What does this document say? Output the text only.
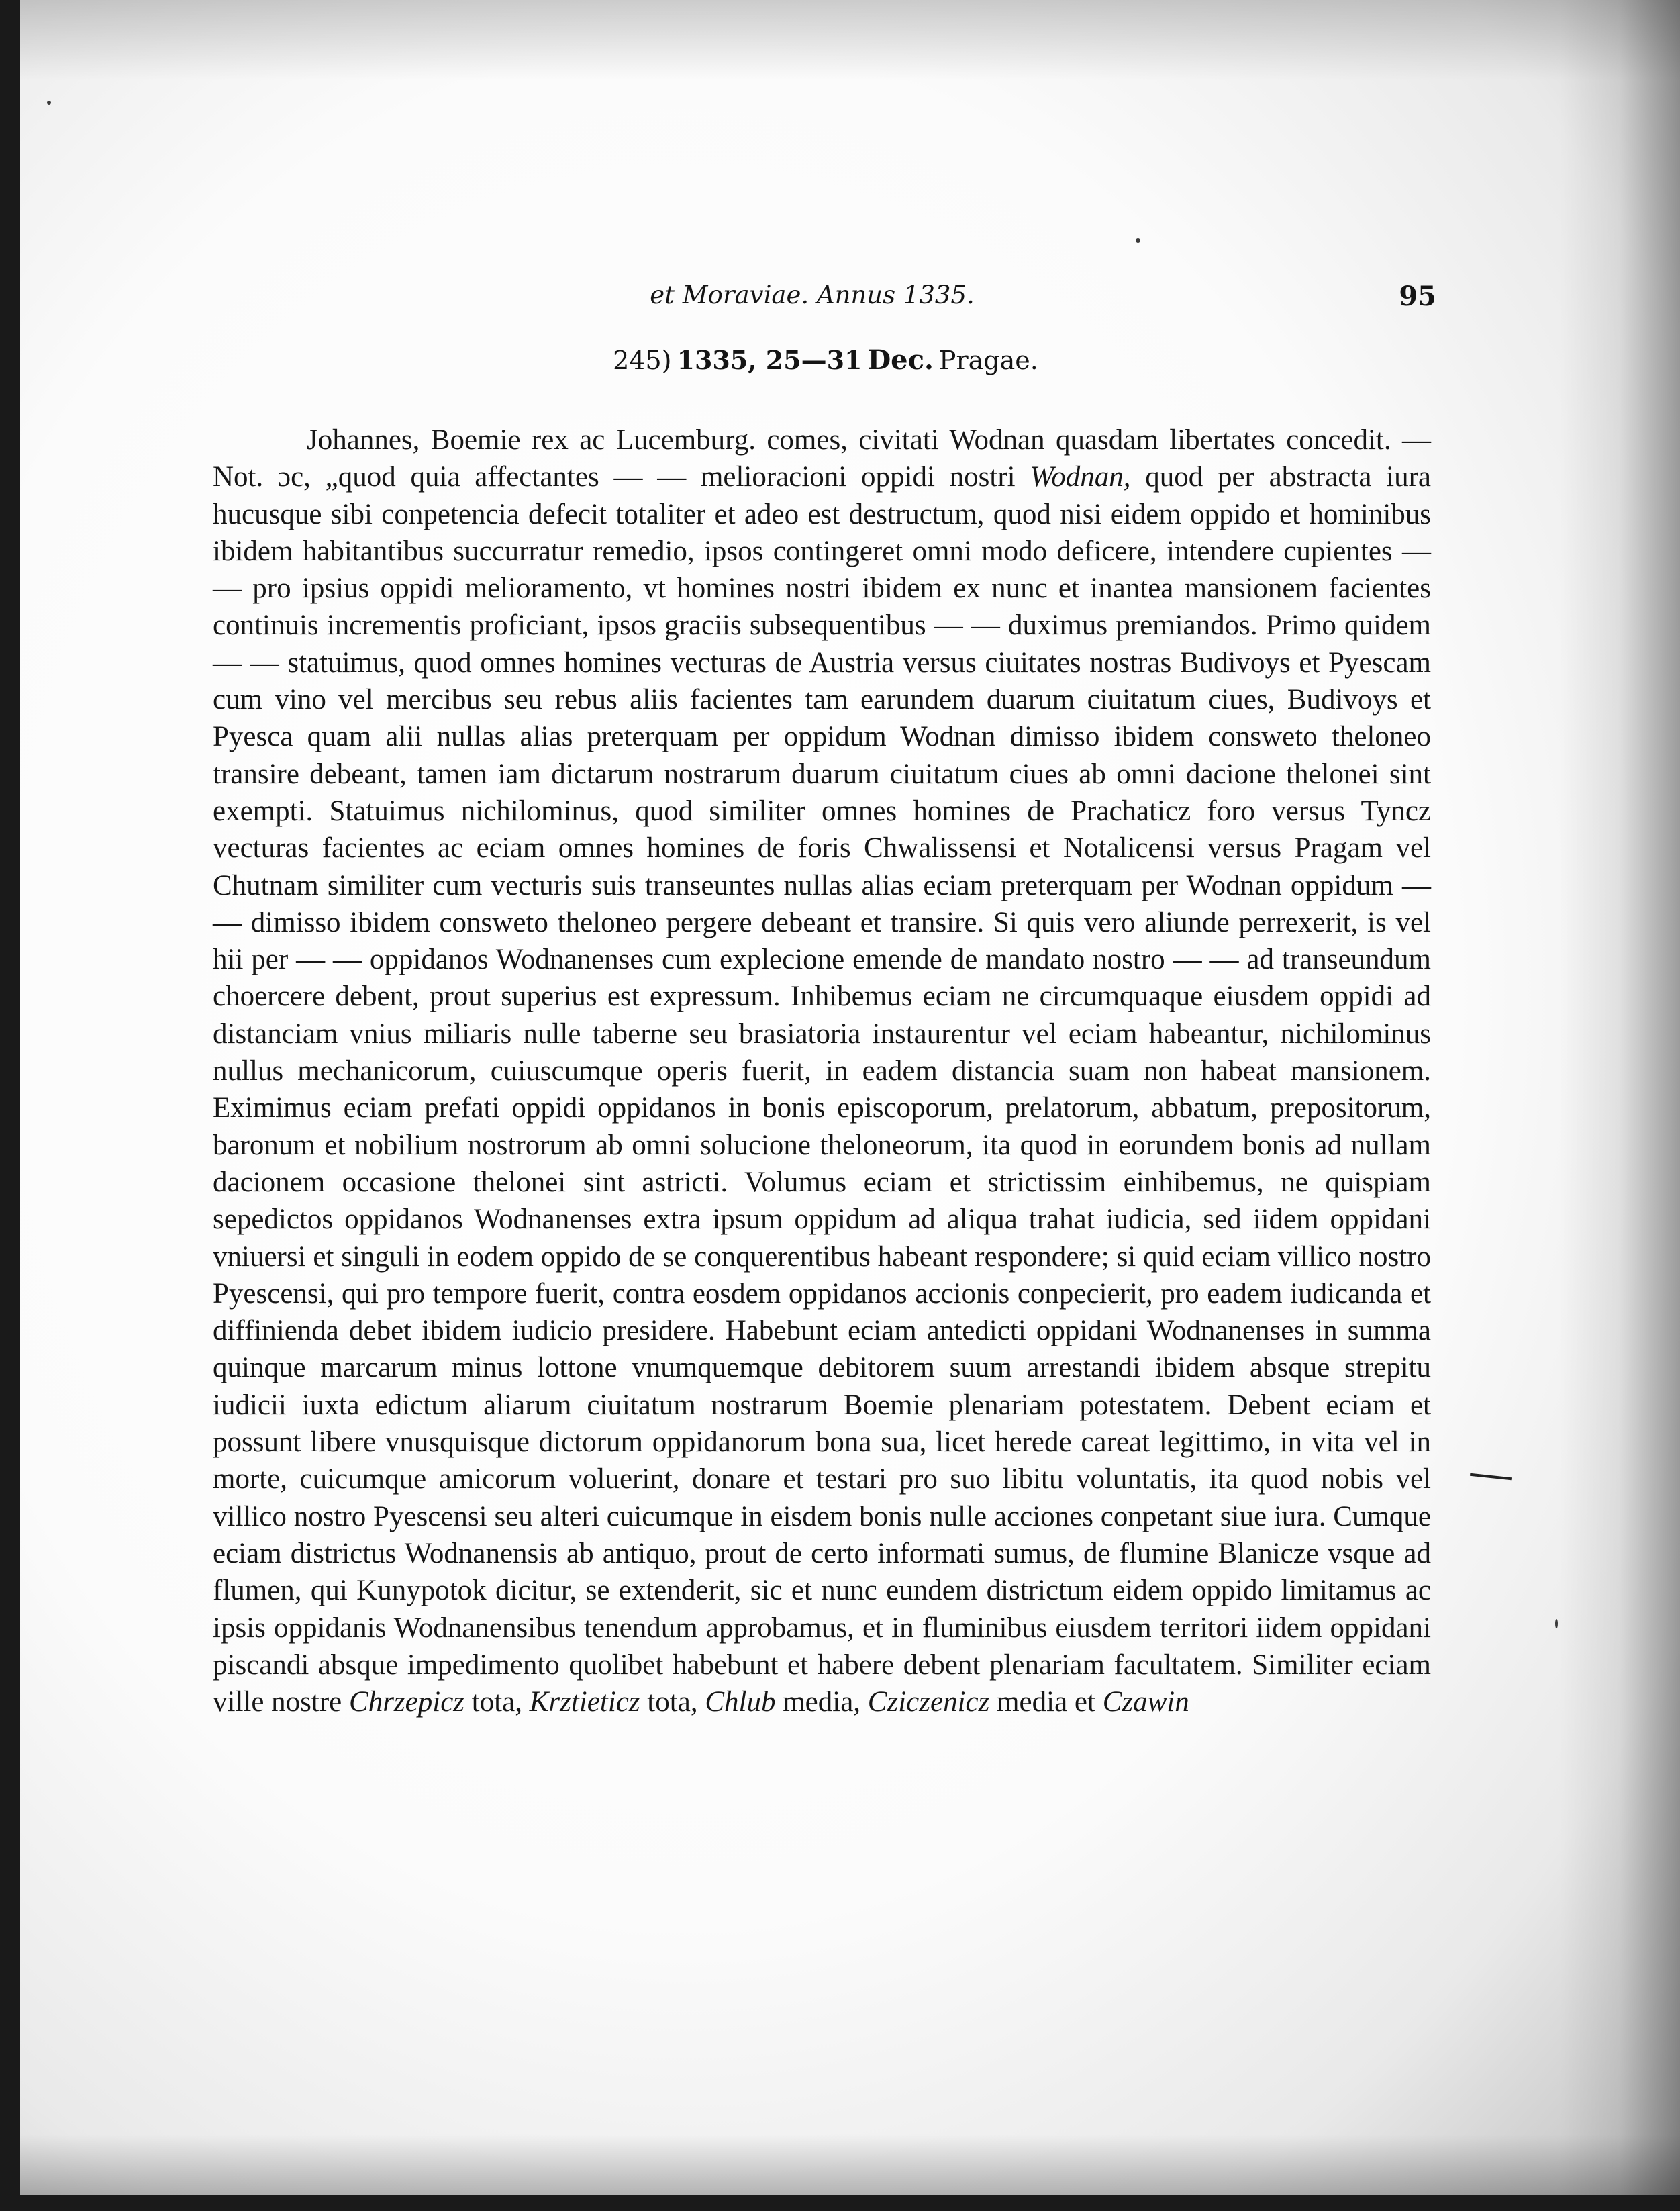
et Moraviae. Annus 1335.	95
245) 1335, 25—31 Dec. Pragae.

Johannes, Boemie rex ac Lucemburg. comes, civitati Wodnan quasdam libertates concedit. — Not. ɔc, „quod quia affectantes — — melioracioni oppidi nostri Wodnan, quod per abstracta iura hucusque sibi conpetencia defecit totaliter et adeo est destructum, quod nisi eidem oppido et hominibus ibidem habitantibus succurratur remedio, ipsos contingeret omni modo deficere, intendere cupientes — — pro ipsius oppidi melioramento, vt homines nostri ibidem ex nunc et inantea mansionem facientes continuis incrementis proficiant, ipsos graciis subsequentibus — — duximus premiandos. Primo quidem — — statuimus, quod omnes homines vecturas de Austria versus ciuitates nostras Budivoys et Pyescam cum vino vel mercibus seu rebus aliis facientes tam earundem duarum ciuitatum ciues, Budivoys et Pyesca quam alii nullas alias preterquam per oppidum Wodnan dimisso ibidem consweto theloneo transire debeant, tamen iam dictarum nostrarum duarum ciuitatum ciues ab omni dacione thelonei sint exempti. Statuimus nichilominus, quod similiter omnes homines de Prachaticz foro versus Tyncz vecturas facientes ac eciam omnes homines de foris Chwalissensi et Notalicensi versus Pragam vel Chutnam similiter cum vecturis suis transeuntes nullas alias eciam preterquam per Wodnan oppidum — — dimisso ibidem consweto theloneo pergere debeant et transire. Si quis vero aliunde perrexerit, is vel hii per — — oppidanos Wodnanenses cum explecione emende de mandato nostro — — ad transeundum choercere debent, prout superius est expressum. Inhibemus eciam ne circumquaque eiusdem oppidi ad distanciam vnius miliaris nulle taberne seu brasiatoria instaurentur vel eciam habeantur, nichilominus nullus mechanicorum, cuiuscumque operis fuerit, in eadem distancia suam non habeat mansionem. Eximimus eciam prefati oppidi oppidanos in bonis episcoporum, prelatorum, abbatum, prepositorum, baronum et nobilium nostrorum ab omni solucione theloneorum, ita quod in eorundem bonis ad nullam dacionem occasione thelonei sint astricti. Volumus eciam et strictissim einhibemus, ne quispiam sepedictos oppidanos Wodnanenses extra ipsum oppidum ad aliqua trahat iudicia, sed iidem oppidani vniuersi et singuli in eodem oppido de se conquerentibus habeant respondere; si quid eciam villico nostro Pyescensi, qui pro tempore fuerit, contra eosdem oppidanos accionis conpecierit, pro eadem iudicanda et diffinienda debet ibidem iudicio presidere. Habebunt eciam antedicti oppidani Wodnanenses in summa quinque marcarum minus lottone vnumquemque debitorem suum arrestandi ibidem absque strepitu iudicii iuxta edictum aliarum ciuitatum nostrarum Boemie plenariam potestatem. Debent eciam et possunt libere vnusquisque dictorum oppidanorum bona sua, licet herede careat legittimo, in vita vel in morte, cuicumque amicorum voluerint, donare et testari pro suo libitu voluntatis, ita quod nobis vel villico nostro Pyescensi seu alteri cuicumque in eisdem bonis nulle acciones conpetant siue iura. Cumque eciam districtus Wodnanensis ab antiquo, prout de certo informati sumus, de flumine Blanicze vsque ad flumen, qui Kunypotok dicitur, se extenderit, sic et nunc eundem districtum eidem oppido limitamus ac ipsis oppidanis Wodnanensibus tenendum approbamus, et in fluminibus eiusdem territori iidem oppidani piscandi absque impedimento quolibet habebunt et habere debent plenariam facultatem. Similiter eciam ville nostre Chrzepicz tota, Krztieticz tota, Chlub media, Cziczenicz media et Czawin
